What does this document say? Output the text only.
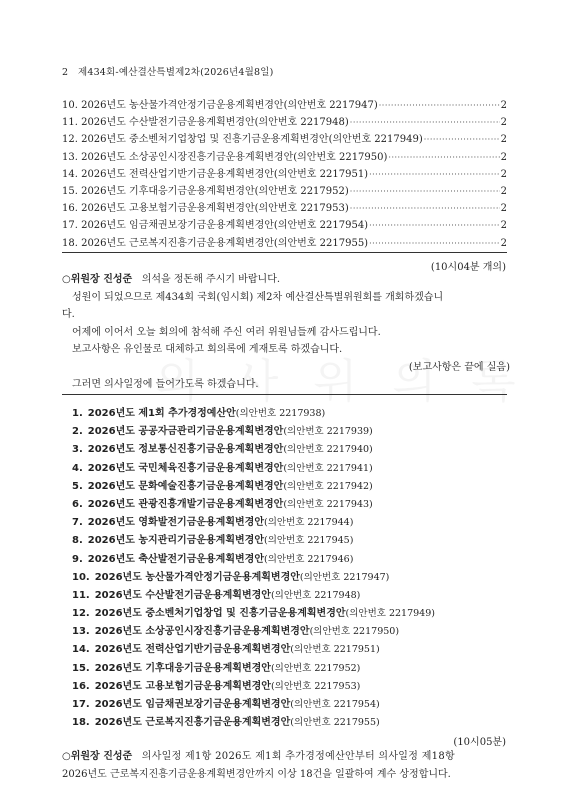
2　제434회-예산결산특별제2차(2026년4월8일)
10. 2026년도 농산물가격안정기금운용계획변경안(의안번호 2217947) ·····	2
11. 2026년도 수산발전기금운용계획변경안(의안번호 2217948) ·····	2
12. 2026년도 중소벤처기업창업 및 진흥기금운용계획변경안(의안번호 2217949) ·····	2
13. 2026년도 소상공인시장진흥기금운용계획변경안(의안번호 2217950) ·····	2
14. 2026년도 전력산업기반기금운용계획변경안(의안번호 2217951) ·····	2
15. 2026년도 기후대응기금운용계획변경안(의안번호 2217952) ·····	2
16. 2026년도 고용보험기금운용계획변경안(의안번호 2217953) ·····	2
17. 2026년도 임금채권보장기금운용계획변경안(의안번호 2217954) ·····	2
18. 2026년도 근로복지진흥기금운용계획변경안(의안번호 2217955) ·····	2
(10시04분 개의)
○위원장 진성준 의석을 정돈해 주시기 바랍니다.
성원이 되었으므로 제434회 국회(임시회) 제2차 예산결산특별위원회를 개회하겠습니
다.
어제에 이어서 오늘 회의에 참석해 주신 여러 위원님들께 감사드립니다.
보고사항은 유인물로 대체하고 회의록에 게재토록 하겠습니다.
(보고사항은 끝에 실음)
그러면 의사일정에 들어가도록 하겠습니다.
1.  2026년도 제1회 추가경정예산안(의안번호 2217938)
2.  2026년도 공공자금관리기금운용계획변경안(의안번호 2217939)
3.  2026년도 정보통신진흥기금운용계획변경안(의안번호 2217940)
4.  2026년도 국민체육진흥기금운용계획변경안(의안번호 2217941)
5.  2026년도 문화예술진흥기금운용계획변경안(의안번호 2217942)
6.  2026년도 관광진흥개발기금운용계획변경안(의안번호 2217943)
7.  2026년도 영화발전기금운용계획변경안(의안번호 2217944)
8.  2026년도 농지관리기금운용계획변경안(의안번호 2217945)
9.  2026년도 축산발전기금운용계획변경안(의안번호 2217946)
10.  2026년도 농산물가격안정기금운용계획변경안(의안번호 2217947)
11.  2026년도 수산발전기금운용계획변경안(의안번호 2217948)
12.  2026년도 중소벤처기업창업 및 진흥기금운용계획변경안(의안번호 2217949)
13.  2026년도 소상공인시장진흥기금운용계획변경안(의안번호 2217950)
14.  2026년도 전력산업기반기금운용계획변경안(의안번호 2217951)
15.  2026년도 기후대응기금운용계획변경안(의안번호 2217952)
16.  2026년도 고용보험기금운용계획변경안(의안번호 2217953)
17.  2026년도 임금채권보장기금운용계획변경안(의안번호 2217954)
18.  2026년도 근로복지진흥기금운용계획변경안(의안번호 2217955)
(10시05분)
○위원장 진성준 의사일정 제1항 2026도 제1회 추가경정예산안부터 의사일정 제18항
2026년도 근로복지진흥기금운용계획변경안까지 이상 18건을 일괄하여 계수 상정합니다.
